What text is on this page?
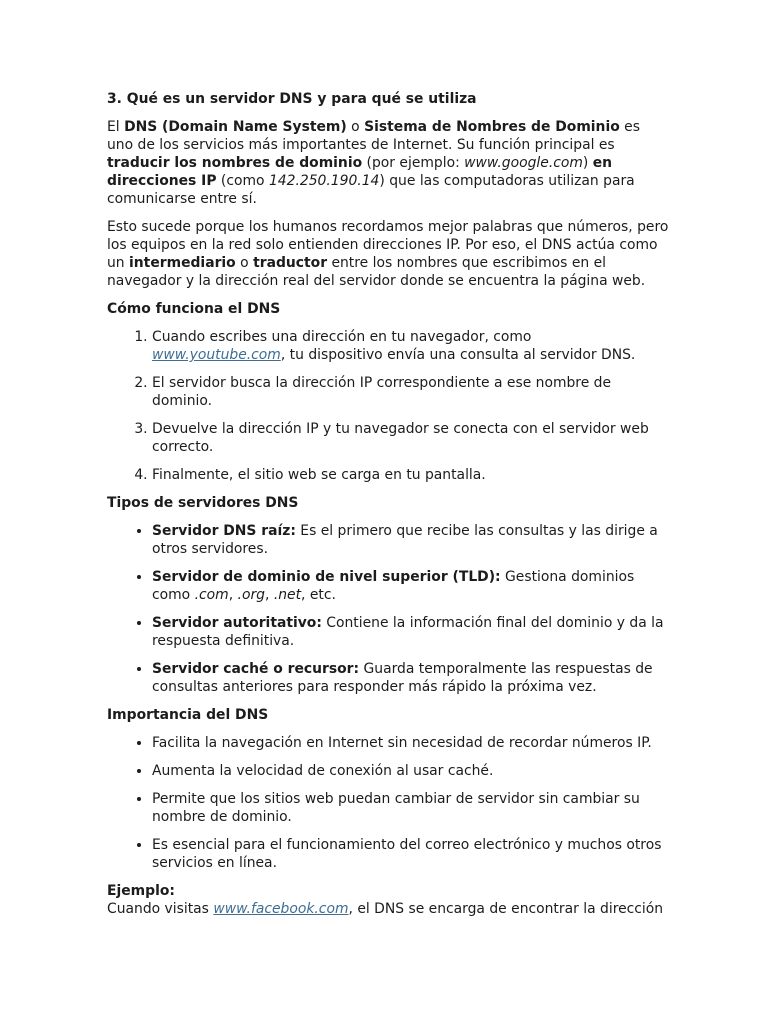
3. Qué es un servidor DNS y para qué se utiliza

El DNS (Domain Name System) o Sistema de Nombres de Dominio es uno de los servicios más importantes de Internet. Su función principal es traducir los nombres de dominio (por ejemplo: www.google.com) en direcciones IP (como 142.250.190.14) que las computadoras utilizan para comunicarse entre sí.

Esto sucede porque los humanos recordamos mejor palabras que números, pero los equipos en la red solo entienden direcciones IP. Por eso, el DNS actúa como un intermediario o traductor entre los nombres que escribimos en el navegador y la dirección real del servidor donde se encuentra la página web.

Cómo funciona el DNS

1. Cuando escribes una dirección en tu navegador, como www.youtube.com, tu dispositivo envía una consulta al servidor DNS.
2. El servidor busca la dirección IP correspondiente a ese nombre de dominio.
3. Devuelve la dirección IP y tu navegador se conecta con el servidor web correcto.
4. Finalmente, el sitio web se carga en tu pantalla.

Tipos de servidores DNS

• Servidor DNS raíz: Es el primero que recibe las consultas y las dirige a otros servidores.
• Servidor de dominio de nivel superior (TLD): Gestiona dominios como .com, .org, .net, etc.
• Servidor autoritativo: Contiene la información final del dominio y da la respuesta definitiva.
• Servidor caché o recursor: Guarda temporalmente las respuestas de consultas anteriores para responder más rápido la próxima vez.

Importancia del DNS

• Facilita la navegación en Internet sin necesidad de recordar números IP.
• Aumenta la velocidad de conexión al usar caché.
• Permite que los sitios web puedan cambiar de servidor sin cambiar su nombre de dominio.
• Es esencial para el funcionamiento del correo electrónico y muchos otros servicios en línea.

Ejemplo:

Cuando visitas www.facebook.com, el DNS se encarga de encontrar la dirección
